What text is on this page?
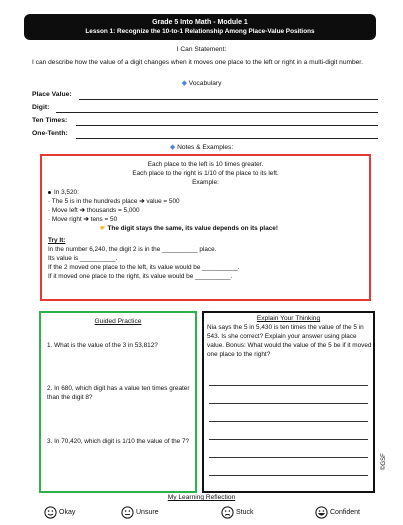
Grade 5 Into Math - Module 1
Lesson 1: Recognize the 10-to-1 Relationship Among Place-Value Positions
I Can Statement:
I can describe how the value of a digit changes when it moves one place to the left or right in a multi-digit number.
◆ Vocabulary
Place Value:
Digit:
Ten Times:
One-Tenth:
◆ Notes & Examples:
Each place to the left is 10 times greater.
Each place to the right is 1/10 of the place to its left.
Example:
In 3,520:
· The 5 is in the hundreds place ➔ value = 500
· Move left ➔ thousands = 5,000
· Move right ➔ tens = 50
☛ The digit stays the same, its value depends on its place!
Try It:
In the number 6,240, the digit 2 is in the __________ place.
Its value is __________.
If the 2 moved one place to the left, its value would be __________.
If it moved one place to the right, its value would be __________.
Guided Practice
1. What is the value of the 3 in 53,812?
2. In 680, which digit has a value ten times greater than the digit 8?
3. In 70,420, which digit is 1/10 the value of the 7?
Explain Your Thinking
Nia says the 5 in 5,430 is ten times the value of the 5 in 543. Is she correct? Explain your answer using place value. Bonus: What would the value of the 5 be if it moved one place to the right?
©GSF
My Learning Reflection
Okay	Unsure	Stuck	Confident
